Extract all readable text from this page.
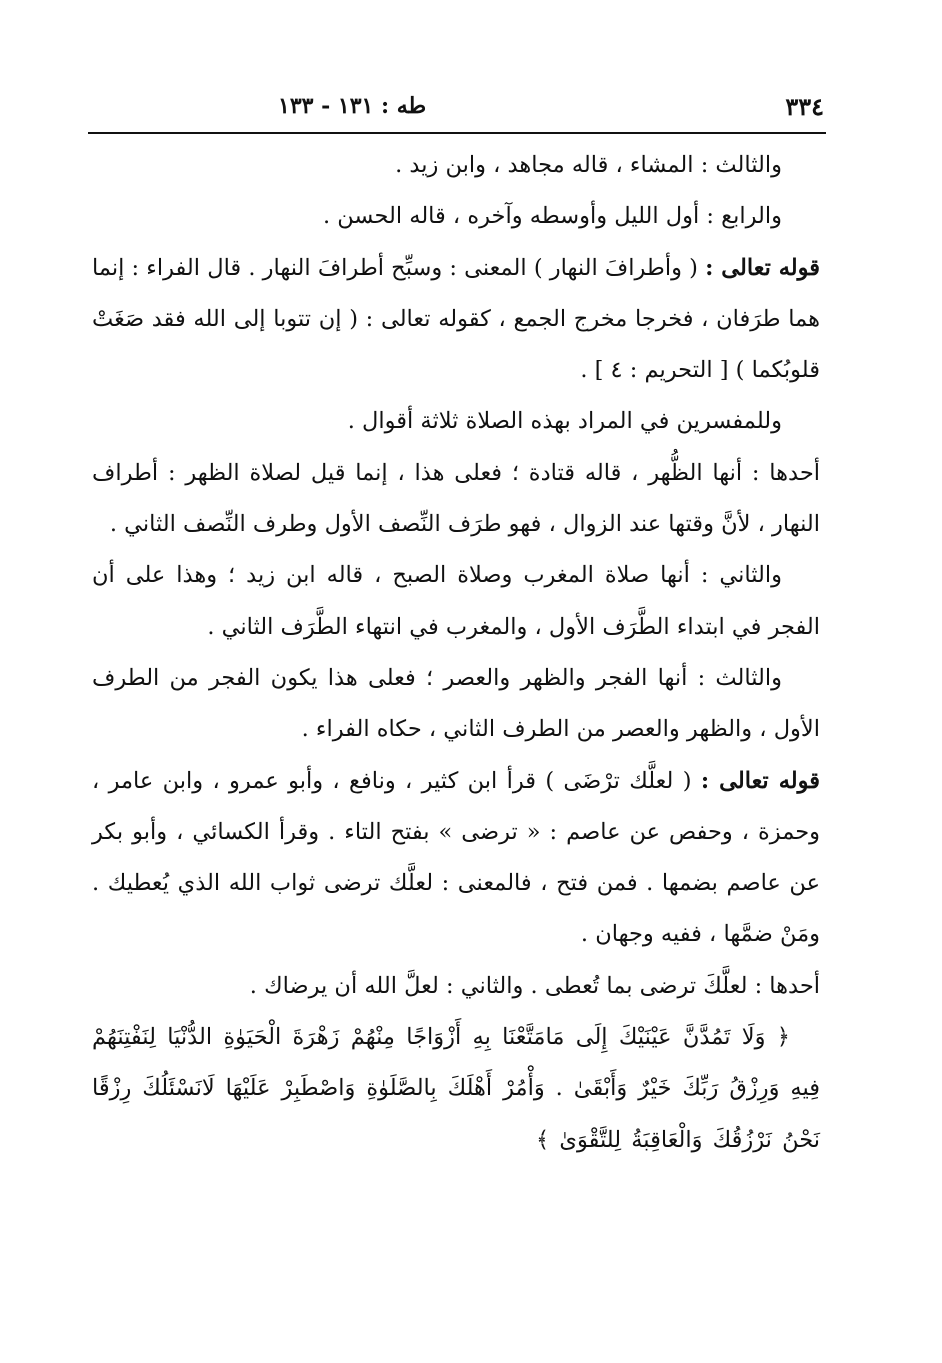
٣٣٤
طه : ١٣١ - ١٣٣

والثالث : المشاء ، قاله مجاهد ، وابن زيد .

والرابع : أول الليل وأوسطه وآخره ، قاله الحسن .

قوله تعالى : ( وأطرافَ النهار ) المعنى : وسبِّح أطرافَ النهار . قال الفراء : إنما هما طرَفان ، فخرجا مخرج الجمع ، كقوله تعالى : ( إن تتوبا إلى الله فقد صَغَتْ قلوبُكما ) [ التحريم : ٤ ] .

وللمفسرين في المراد بهذه الصلاة ثلاثة أقوال .

أحدها : أنها الظُّهر ، قاله قتادة ؛ فعلى هذا ، إنما قيل لصلاة الظهر : أطراف النهار ، لأنَّ وقتها عند الزوال ، فهو طرَف النِّصف الأول وطرف النِّصف الثاني .

والثاني : أنها صلاة المغرب وصلاة الصبح ، قاله ابن زيد ؛ وهذا على أن الفجر في ابتداء الطَّرَف الأول ، والمغرب في انتهاء الطَّرَف الثاني .

والثالث : أنها الفجر والظهر والعصر ؛ فعلى هذا يكون الفجر من الطرف الأول ، والظهر والعصر من الطرف الثاني ، حكاه الفراء .

قوله تعالى : ( لعلَّك ترْضَى ) قرأ ابن كثير ، ونافع ، وأبو عمرو ، وابن عامر ، وحمزة ، وحفص عن عاصم : « ترضى » بفتح التاء . وقرأ الكسائي ، وأبو بكر عن عاصم بضمها . فمن فتح ، فالمعنى : لعلَّك ترضى ثواب الله الذي يُعطيك . ومَنْ ضمَّها ، ففيه وجهان .

أحدها : لعلَّكَ ترضى بما تُعطى . والثاني : لعلَّ الله أن يرضاك .

﴿ وَلَا تَمُدَّنَّ عَيْنَيْكَ إِلَى مَامَتَّعْنَا بِهِ أَزْوَاجًا مِنْهُمْ زَهْرَةَ الْحَيَوٰةِ الدُّنْيَا لِنَفْتِنَهُمْ فِيهِ وَرِزْقُ رَبِّكَ خَيْرٌ وَأَبْقَىٰ . وَأْمُرْ أَهْلَكَ بِالصَّلَوٰةِ وَاصْطَبِرْ عَلَيْهَا لَانَسْئَلُكَ رِزْقًا نَحْنُ نَرْزُقُكَ وَالْعَاقِبَةُ لِلتَّقْوَىٰ ﴾
